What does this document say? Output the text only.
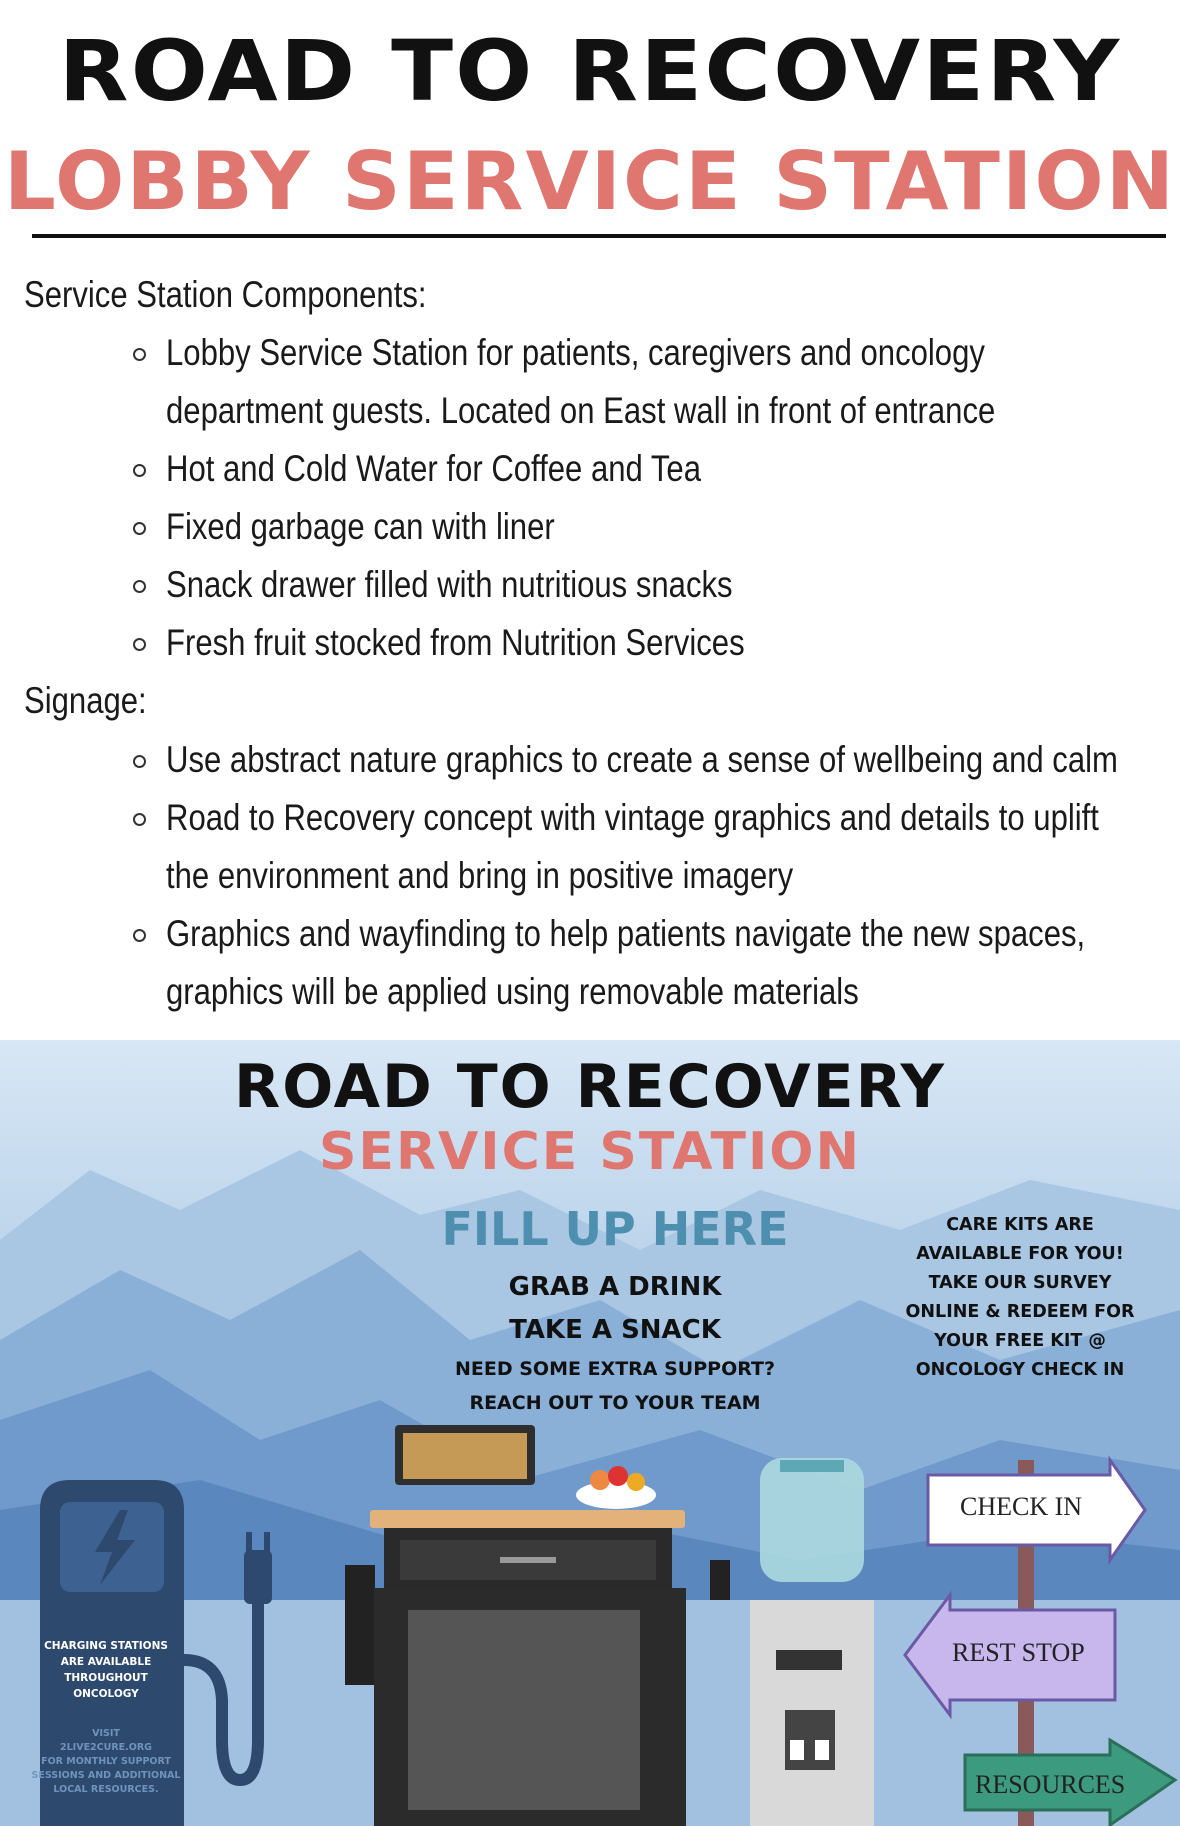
ROAD TO RECOVERY
LOBBY SERVICE STATION
Service Station Components:
Lobby Service Station for patients, caregivers and oncology
department guests. Located on East wall in front of entrance
Hot and Cold Water for Coffee and Tea
Fixed garbage can with liner
Snack drawer filled with nutritious snacks
Fresh fruit stocked from Nutrition Services
Signage:
Use abstract nature graphics to create a sense of wellbeing and calm
Road to Recovery concept with vintage graphics and details to uplift
the environment and bring in positive imagery
Graphics and wayfinding to help patients navigate the new spaces,
graphics will be applied using removable materials
ROAD TO RECOVERY
SERVICE STATION
FILL UP HERE
GRAB A DRINK
TAKE A SNACK
NEED SOME EXTRA SUPPORT?
REACH OUT TO YOUR TEAM
CARE KITS ARE
AVAILABLE FOR YOU!
TAKE OUR SURVEY
ONLINE & REDEEM FOR
YOUR FREE KIT @
ONCOLOGY CHECK IN
CHECK IN
REST STOP
RESOURCES
CHARGING STATIONS
ARE AVAILABLE
THROUGHOUT
ONCOLOGY
VISIT
2LIVE2CURE.ORG
FOR MONTHLY SUPPORT
SESSIONS AND ADDITIONAL
LOCAL RESOURCES.
